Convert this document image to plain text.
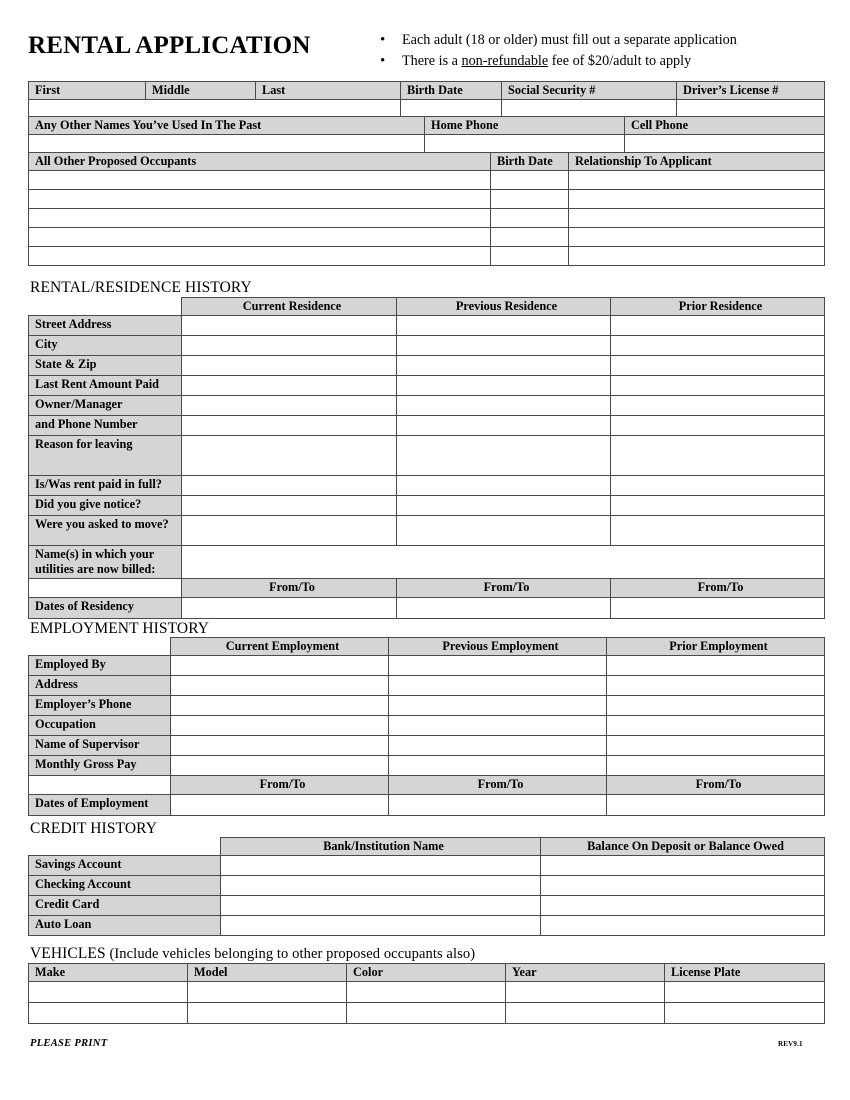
RENTAL APPLICATION	•	Each adult (18 or older) must fill out a separate application
•	There is a non-refundable fee of $20/adult to apply
First	Middle	Last	Birth Date	Social Security #	Driver’s License #

Any Other Names You’ve Used In The Past	Home Phone	Cell Phone

All Other Proposed Occupants	Birth Date	Relationship To Applicant

RENTAL/RESIDENCE HISTORY
	Current Residence	Previous Residence	Prior Residence
Street Address			
City			
State & Zip			
Last Rent Amount Paid			
Owner/Manager			
and Phone Number			
Reason for leaving			
Is/Was rent paid in full?			
Did you give notice?			
Were you asked to move?			
Name(s) in which your utilities are now billed:			
	From/To	From/To	From/To
Dates of Residency			
EMPLOYMENT HISTORY
	Current Employment	Previous Employment	Prior Employment
Employed By			
Address			
Employer’s Phone			
Occupation			
Name of Supervisor			
Monthly Gross Pay			
	From/To	From/To	From/To
Dates of Employment			
CREDIT HISTORY
	Bank/Institution Name	Balance On Deposit or Balance Owed
Savings Account		
Checking Account		
Credit Card		
Auto Loan		
VEHICLES (Include vehicles belonging to other proposed occupants also)
Make	Model	Color	Year	License Plate

PLEASE PRINT	REV9.1
